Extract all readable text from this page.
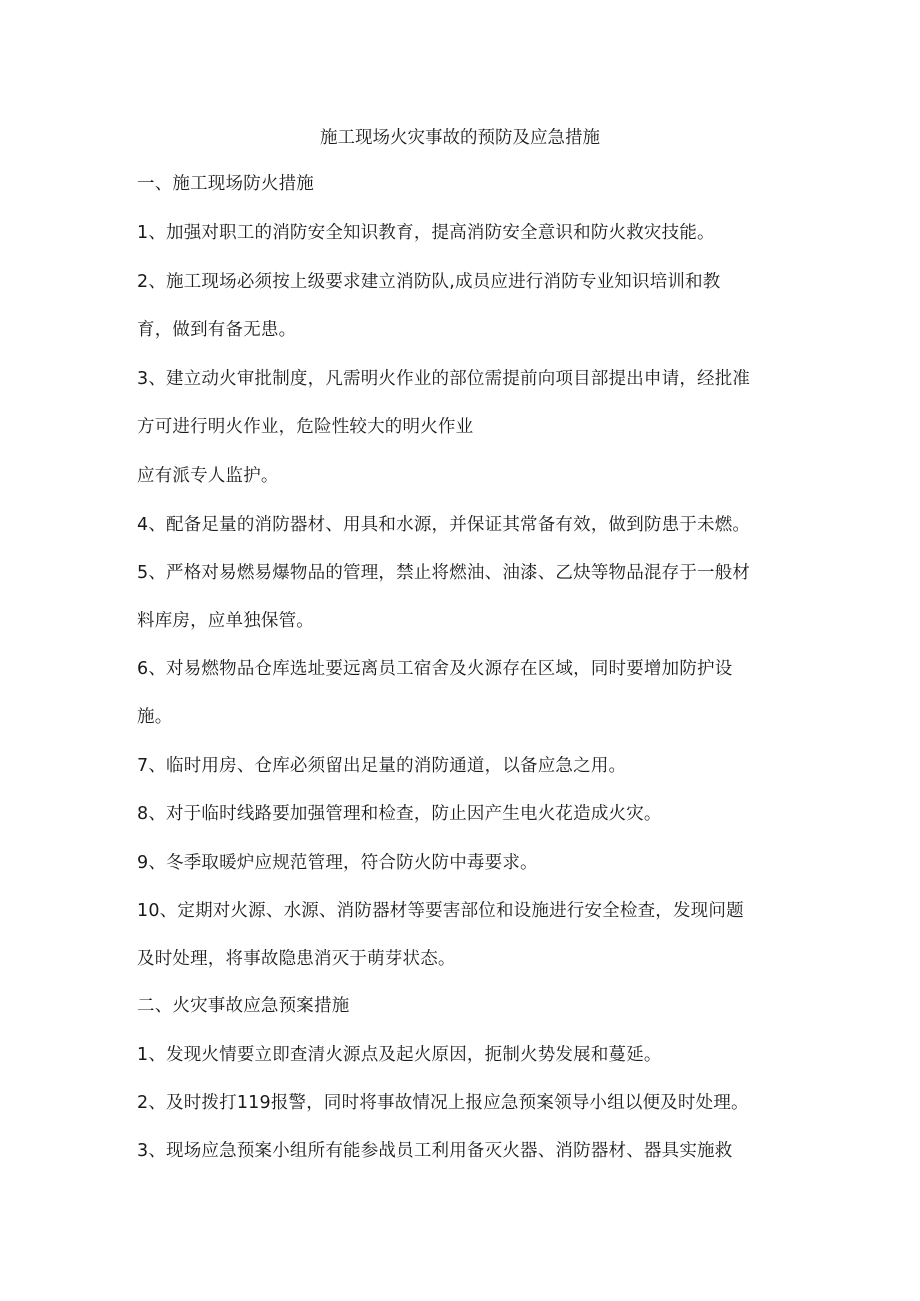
施工现场火灾事故的预防及应急措施
一、施工现场防火措施
1、加强对职工的消防安全知识教育，提高消防安全意识和防火救灾技能。
2、施工现场必须按上级要求建立消防队,成员应进行消防专业知识培训和教
育，做到有备无患。
3、建立动火审批制度，凡需明火作业的部位需提前向项目部提出申请，经批准
方可进行明火作业，危险性较大的明火作业
应有派专人监护。
4、配备足量的消防器材、用具和水源，并保证其常备有效，做到防患于未燃。
5、严格对易燃易爆物品的管理，禁止将燃油、油漆、乙炔等物品混存于一般材
料库房，应单独保管。
6、对易燃物品仓库选址要远离员工宿舍及火源存在区域，同时要增加防护设
施。
7、临时用房、仓库必须留出足量的消防通道，以备应急之用。
8、对于临时线路要加强管理和检查，防止因产生电火花造成火灾。
9、冬季取暖炉应规范管理，符合防火防中毒要求。
10、定期对火源、水源、消防器材等要害部位和设施进行安全检查，发现问题
及时处理，将事故隐患消灭于萌芽状态。
二、火灾事故应急预案措施
1、发现火情要立即查清火源点及起火原因，扼制火势发展和蔓延。
2、及时拨打119报警，同时将事故情况上报应急预案领导小组以便及时处理。
3、现场应急预案小组所有能参战员工利用备灭火器、消防器材、器具实施救
